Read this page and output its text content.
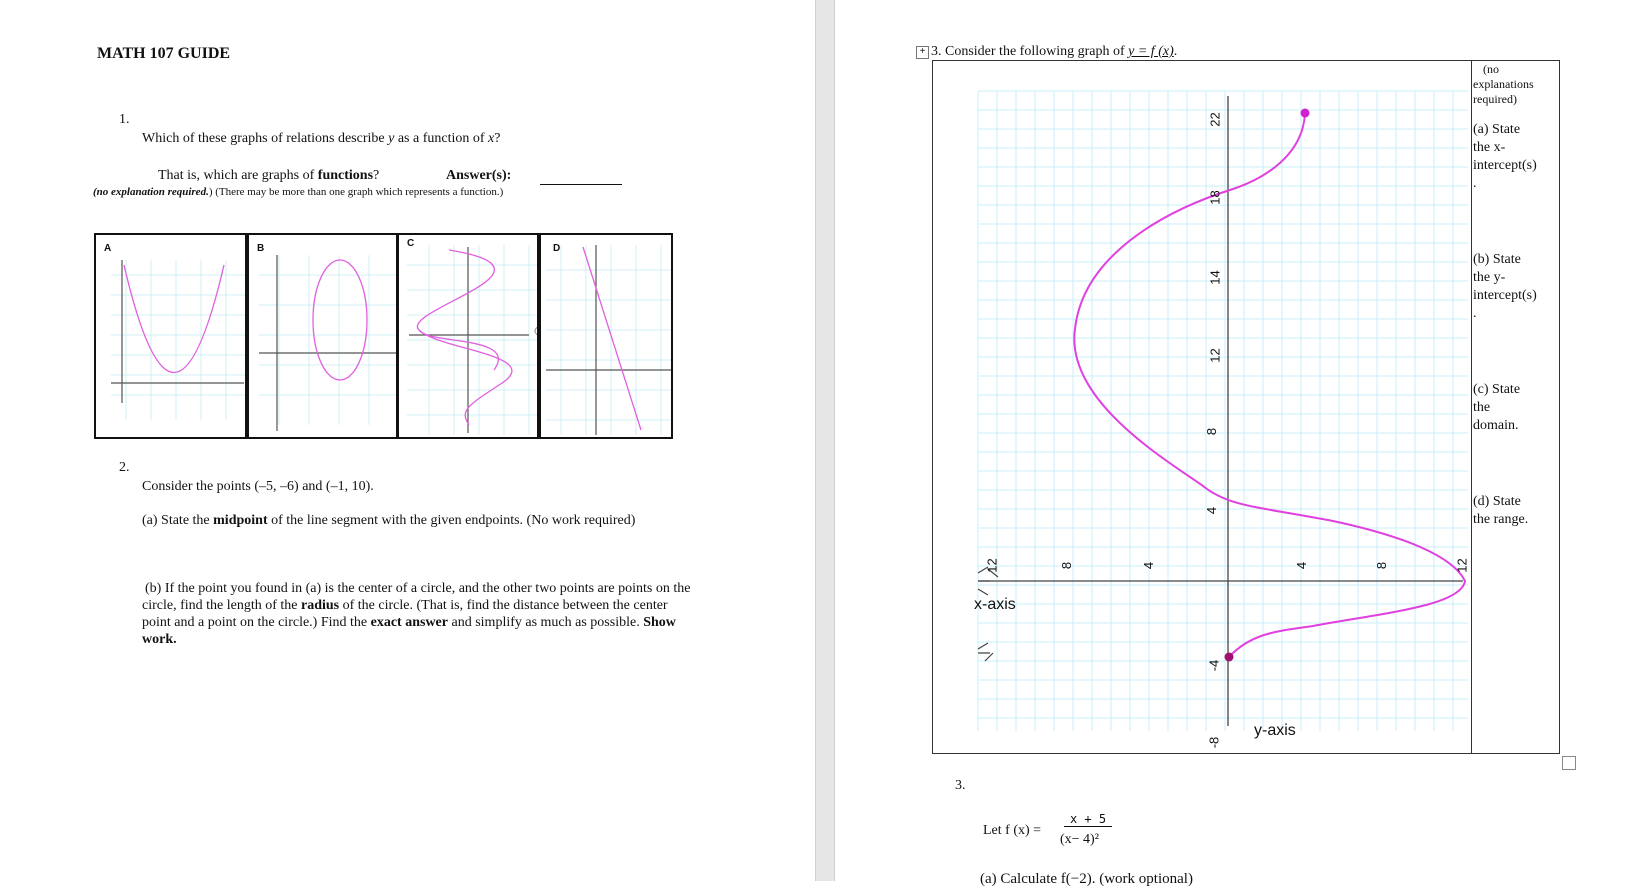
MATH 107 GUIDE
1.
Which of these graphs of relations describe y as a function of x?
That is, which are graphs of functions?	Answer(s):
(no explanation required.) (There may be more than one graph which represents a function.)
A	B	C	D
2.
Consider the points (–5, –6) and (–1, 10).
(a) State the midpoint of the line segment with the given endpoints. (No work required)
(b) If the point you found in (a) is the center of a circle, and the other two points are points on the
circle, find the length of the radius of the circle. (That is, find the distance between the center
point and a point on the circle.) Find the exact answer and simplify as much as possible. Show
work.
+ 3. Consider the following graph of y = f (x).
22
18
14
12
8
4
-4
-8
12	8	4	4	8	12
x-axis
y-axis
(no
explanations
required)
(a) State
the x-
intercept(s)
.
(b) State
the y-
intercept(s)
.
(c) State
the
domain.
(d) State
the range.
3.
Let f (x) =
x + 5
(x− 4)²
(a) Calculate f(−2). (work optional)
